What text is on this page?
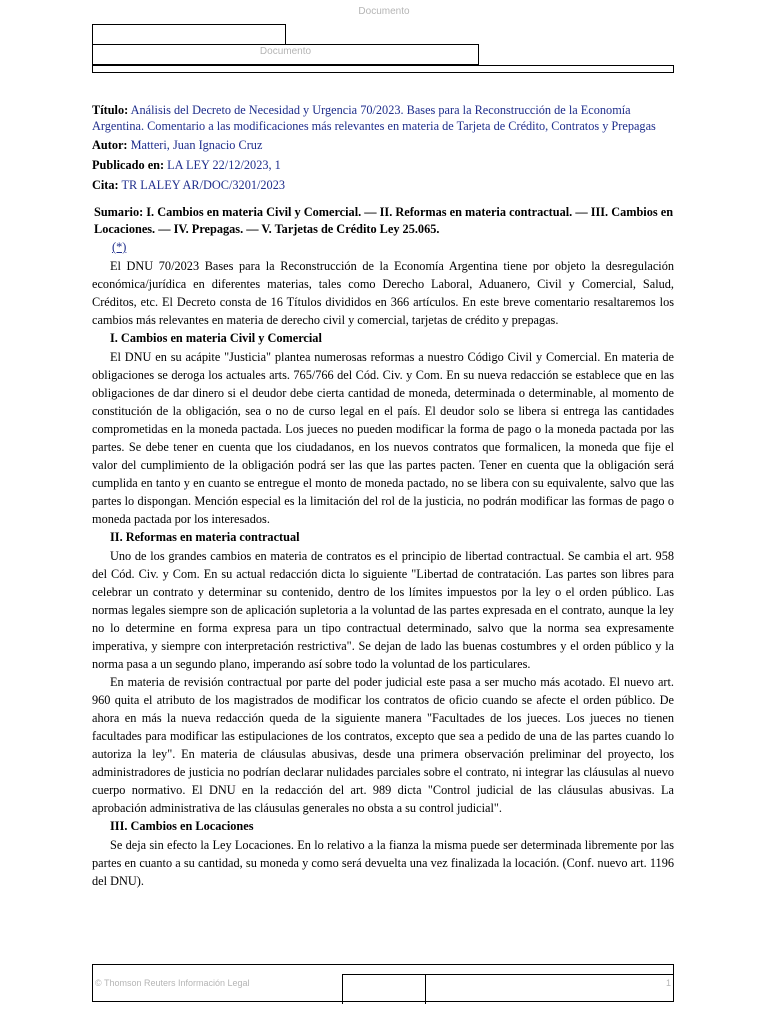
Documento
Documento
Título: Análisis del Decreto de Necesidad y Urgencia 70/2023. Bases para la Reconstrucción de la Economía Argentina. Comentario a las modificaciones más relevantes en materia de Tarjeta de Crédito, Contratos y Prepagas
Autor: Matteri, Juan Ignacio Cruz
Publicado en: LA LEY 22/12/2023, 1
Cita: TR LALEY AR/DOC/3201/2023
Sumario: I. Cambios en materia Civil y Comercial. — II. Reformas en materia contractual. — III. Cambios en Locaciones. — IV. Prepagas. — V. Tarjetas de Crédito Ley 25.065.
(*)

El DNU 70/2023 Bases para la Reconstrucción de la Economía Argentina tiene por objeto la desregulación económica/jurídica en diferentes materias, tales como Derecho Laboral, Aduanero, Civil y Comercial, Salud, Créditos, etc. El Decreto consta de 16 Títulos divididos en 366 artículos. En este breve comentario resaltaremos los cambios más relevantes en materia de derecho civil y comercial, tarjetas de crédito y prepagas.

I. Cambios en materia Civil y Comercial

El DNU en su acápite "Justicia" plantea numerosas reformas a nuestro Código Civil y Comercial. En materia de obligaciones se deroga los actuales arts. 765/766 del Cód. Civ. y Com. En su nueva redacción se establece que en las obligaciones de dar dinero si el deudor debe cierta cantidad de moneda, determinada o determinable, al momento de constitución de la obligación, sea o no de curso legal en el país. El deudor solo se libera si entrega las cantidades comprometidas en la moneda pactada. Los jueces no pueden modificar la forma de pago o la moneda pactada por las partes. Se debe tener en cuenta que los ciudadanos, en los nuevos contratos que formalicen, la moneda que fije el valor del cumplimiento de la obligación podrá ser las que las partes pacten. Tener en cuenta que la obligación será cumplida en tanto y en cuanto se entregue el monto de moneda pactado, no se libera con su equivalente, salvo que las partes lo dispongan. Mención especial es la limitación del rol de la justicia, no podrán modificar las formas de pago o moneda pactada por los interesados.

II. Reformas en materia contractual

Uno de los grandes cambios en materia de contratos es el principio de libertad contractual. Se cambia el art. 958 del Cód. Civ. y Com. En su actual redacción dicta lo siguiente "Libertad de contratación. Las partes son libres para celebrar un contrato y determinar su contenido, dentro de los límites impuestos por la ley o el orden público. Las normas legales siempre son de aplicación supletoria a la voluntad de las partes expresada en el contrato, aunque la ley no lo determine en forma expresa para un tipo contractual determinado, salvo que la norma sea expresamente imperativa, y siempre con interpretación restrictiva". Se dejan de lado las buenas costumbres y el orden público y la norma pasa a un segundo plano, imperando así sobre todo la voluntad de los particulares.

En materia de revisión contractual por parte del poder judicial este pasa a ser mucho más acotado. El nuevo art. 960 quita el atributo de los magistrados de modificar los contratos de oficio cuando se afecte el orden público. De ahora en más la nueva redacción queda de la siguiente manera "Facultades de los jueces. Los jueces no tienen facultades para modificar las estipulaciones de los contratos, excepto que sea a pedido de una de las partes cuando lo autoriza la ley". En materia de cláusulas abusivas, desde una primera observación preliminar del proyecto, los administradores de justicia no podrían declarar nulidades parciales sobre el contrato, ni integrar las cláusulas al nuevo cuerpo normativo. El DNU en la redacción del art. 989 dicta "Control judicial de las cláusulas abusivas. La aprobación administrativa de las cláusulas generales no obsta a su control judicial".

III. Cambios en Locaciones

Se deja sin efecto la Ley Locaciones. En lo relativo a la fianza la misma puede ser determinada libremente por las partes en cuanto a su cantidad, su moneda y como será devuelta una vez finalizada la locación. (Conf. nuevo art. 1196 del DNU).

© Thomson Reuters Información Legal	1
